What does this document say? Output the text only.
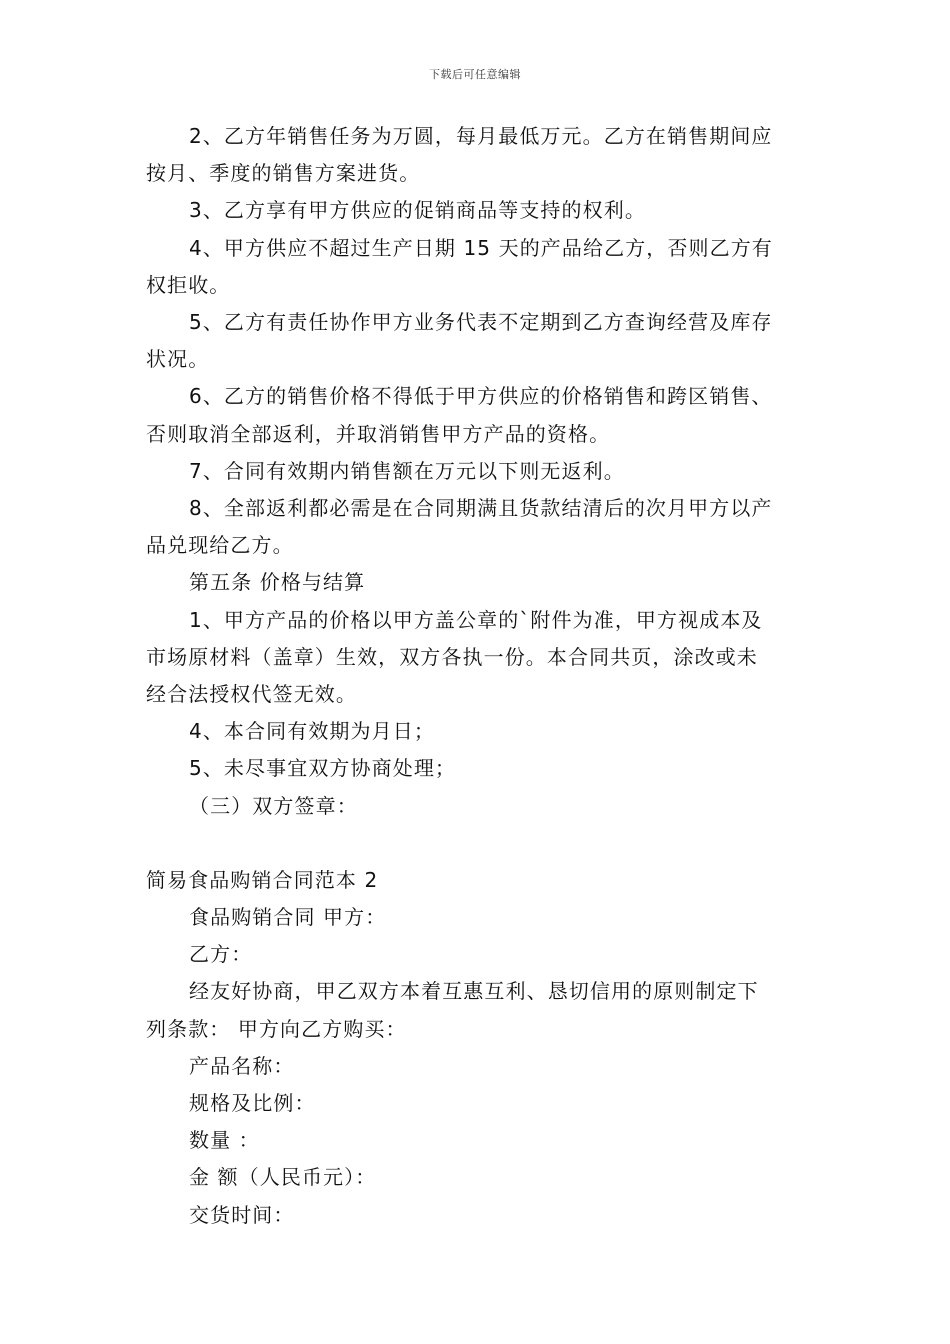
下载后可任意编辑

2、乙方年销售任务为万圆，每月最低万元。乙方在销售期间应

按月、季度的销售方案进货。

3、乙方享有甲方供应的促销商品等支持的权利。

4、甲方供应不超过生产日期 15 天的产品给乙方，否则乙方有

权拒收。

5、乙方有责任协作甲方业务代表不定期到乙方查询经营及库存

状况。

6、乙方的销售价格不得低于甲方供应的价格销售和跨区销售、

否则取消全部返利，并取消销售甲方产品的资格。

7、合同有效期内销售额在万元以下则无返利。

8、全部返利都必需是在合同期满且货款结清后的次月甲方以产

品兑现给乙方。

第五条 价格与结算

1、甲方产品的价格以甲方盖公章的`附件为准，甲方视成本及

市场原材料（盖章）生效，双方各执一份。本合同共页，涂改或未

经合法授权代签无效。

4、本合同有效期为月日；

5、未尽事宜双方协商处理；

（三）双方签章：

简易食品购销合同范本 2

食品购销合同 甲方：

乙方：

经友好协商，甲乙双方本着互惠互利、恳切信用的原则制定下

列条款： 甲方向乙方购买：

产品名称：

规格及比例：

数量 ：

金 额（人民币元）：

交货时间：
